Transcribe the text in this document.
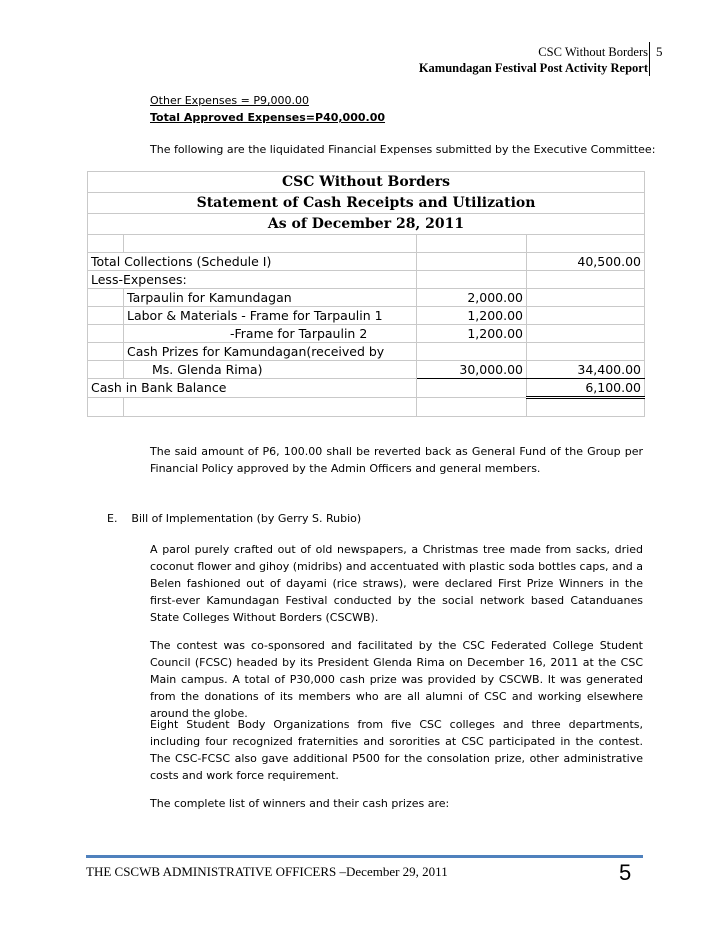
CSC Without Borders
Kamundagan Festival Post Activity Report
5
Other Expenses = P9,000.00
Total Approved Expenses=P40,000.00
The following are the liquidated Financial Expenses submitted by the Executive Committee:
CSC Without Borders			
Statement of Cash Receipts and Utilization			
As of December 28, 2011			

Total Collections (Schedule I)			40,500.00
Less-Expenses:			
	Tarpaulin for Kamundagan	2,000.00	
	Labor & Materials - Frame for Tarpaulin 1	1,200.00	
	-Frame for Tarpaulin 2	1,200.00	
	Cash Prizes for Kamundagan(received by		
	Ms. Glenda Rima)	30,000.00	34,400.00
Cash in Bank Balance			6,100.00

The said amount of P6, 100.00 shall be reverted back as General Fund of the Group per Financial Policy approved by the Admin Officers and general members.
E.    Bill of Implementation (by Gerry S. Rubio)
A parol purely crafted out of old newspapers, a Christmas tree made from sacks, dried coconut flower and gihoy (midribs) and accentuated with plastic soda bottles caps, and a Belen fashioned out of dayami (rice straws), were declared First Prize Winners in the first-ever Kamundagan Festival conducted by the social network based Catanduanes State Colleges Without Borders (CSCWB).
The contest was co-sponsored and facilitated by the CSC Federated College Student Council (FCSC) headed by its President Glenda Rima on December 16, 2011 at the CSC Main campus. A total of P30,000 cash prize was provided by CSCWB. It was generated from the donations of its members who are all alumni of CSC and working elsewhere around the globe.
Eight Student Body Organizations from five CSC colleges and three departments, including four recognized fraternities and sororities at CSC participated in the contest. The CSC-FCSC also gave additional P500 for the consolation prize, other administrative costs and work force requirement.
The complete list of winners and their cash prizes are:
THE CSCWB ADMINISTRATIVE OFFICERS –December 29, 2011	5
